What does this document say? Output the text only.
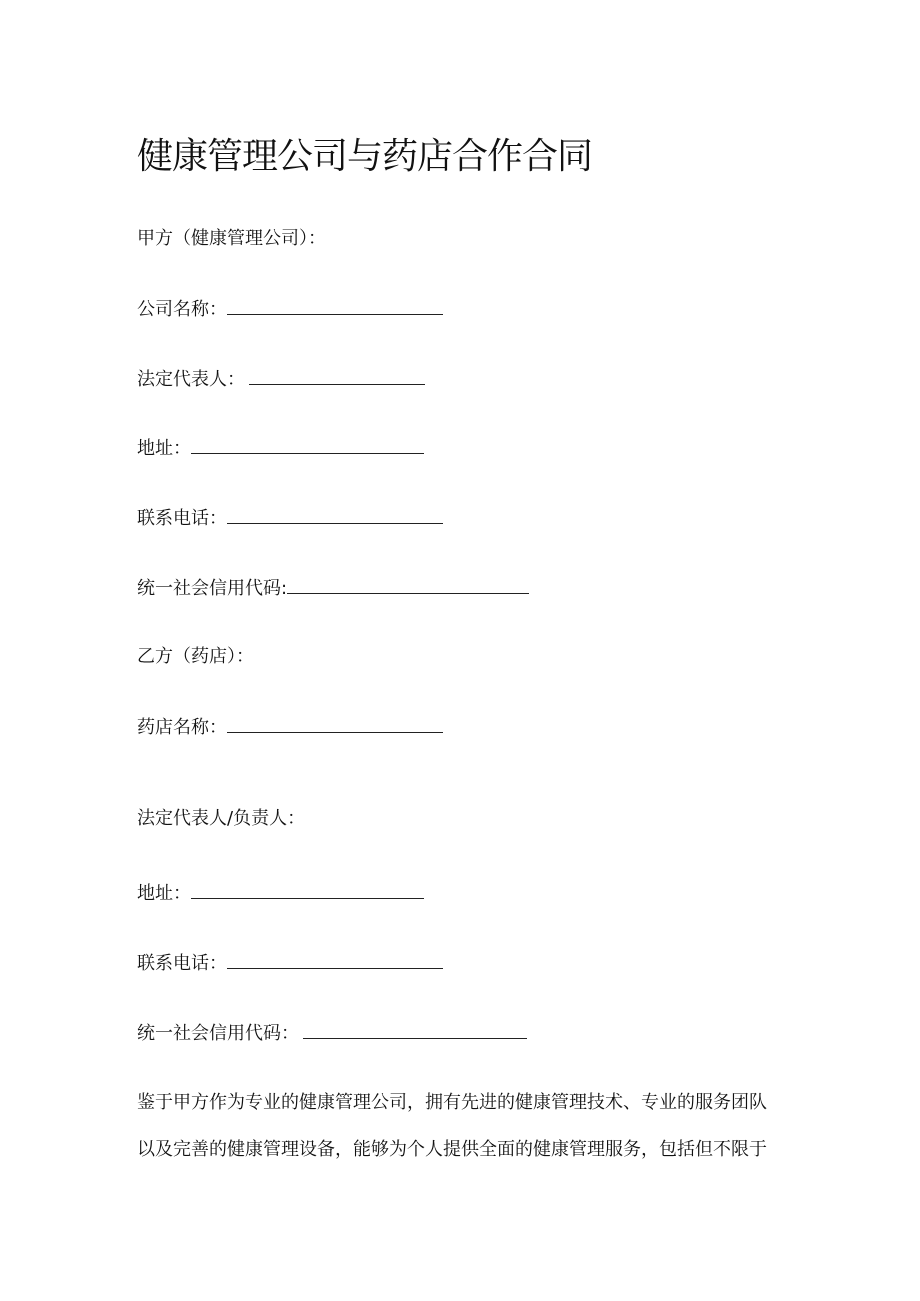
健康管理公司与药店合作合同
甲方（健康管理公司）：
公司名称：
法定代表人：
地址：
联系电话：
统一社会信用代码:
乙方（药店）：
药店名称：
法定代表人/负责人：
地址：
联系电话：
统一社会信用代码：
鉴于甲方作为专业的健康管理公司，拥有先进的健康管理技术、专业的服务团队
以及完善的健康管理设备，能够为个人提供全面的健康管理服务，包括但不限于
